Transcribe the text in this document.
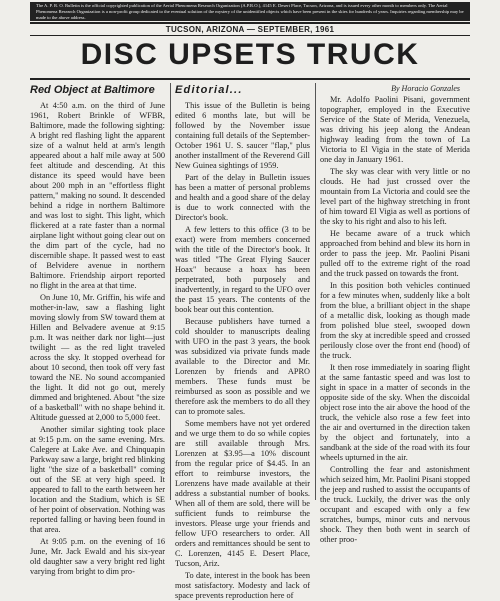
The A. P. R. O. Bulletin is the official copyrighted publication of the Aerial Phenomena Research Organization (A.P.R.O.), 4145 E. Desert Place, Tucson, Arizona, and is issued every other month to members only. The Aerial Phenomena Research Organization is a non-profit group dedicated to the eventual solution of the mystery of the unidentified objects which have been present in the skies for hundreds of years. Inquiries regarding membership may be made to the above address.
TUCSON, ARIZONA — SEPTEMBER, 1961
DISC UPSETS TRUCK
Red Object at Baltimore

At 4:50 a.m. on the third of June 1961, Robert Brinkle of WFBR, Baltimore, made the following sighting: A bright red flashing light the apparent size of a walnut held at arm's length appeared about a half mile away at 500 feet altitude and descending. At this distance its speed would have been about 200 mph in an "effortless flight pattern," making no sound. It descended behind a ridge in northern Baltimore and was lost to sight. This light, which flickered at a rate faster than a normal airplane light without going clear out on the dim part of the cycle, had no discernible shape. It passed west to east of Belvidere avenue in northern Baltimore. Friendship airport reported no flight in the area at that time.

On June 10, Mr. Griffin, his wife and mother-in-law, saw a flashing light moving slowly from SW toward them at Hillen and Belvadere avenue at 9:15 p.m. It was neither dark nor light—just twilight — as the red light traveled across the sky. It stopped overhead for about 10 second, then took off very fast toward the NE. No sound accompanied the light. It did not go out, merely dimmed and brightened. About "the size of a basketball" with no shape behind it. Altitude guessed at 2,000 to 5,000 feet.

Another similar sighting took place at 9:15 p.m. on the same evening. Mrs. Calegere at Lake Ave. and Chinquapin Parkway saw a large, bright red blinking light "the size of a basketball" coming out of the SE at very high speed. It appeared to fall to the earth between her location and the Stadium, which is SE of her point of observation. Nothing was reported falling or having been found in that area.

At 9:05 p.m. on the evening of 16 June, Mr. Jack Ewald and his six-year old daughter saw a very bright red light varying from bright to dim pro-

Editorial...

This issue of the Bulletin is being edited 6 months late, but will be followed by the November issue containing full details of the September-October 1961 U. S. saucer "flap," plus another installment of the Reverend Gill New Guinea sightings of 1959.

Part of the delay in Bulletin issues has been a matter of personal problems and health and a good share of the delay is due to work connected with the Director's book.

A few letters to this office (3 to be exact) were from members concerned with the title of the Director's book. It was titled "The Great Flying Saucer Hoax" because a hoax has been perpetrated, both purposely and inadvertently, in regard to the UFO over the past 15 years. The contents of the book bear out this contention.

Because publishers have turned a cold shoulder to manuscripts dealing with UFO in the past 3 years, the book was subsidized via private funds made available to the Director and Mr. Lorenzen by friends and APRO members. These funds must be reimbursed as soon as possible and we therefore ask the members to do all they can to promote sales.

Some members have not yet ordered and we urge them to do so while copies are still available through Mrs. Lorenzen at $3.95—a 10% discount from the regular price of $4.45. In an effort to reimburse investors, the Lorenzens have made available at their address a substantial number of books. When all of them are sold, there will be sufficient funds to reimburse the investors. Please urge your friends and fellow UFO researchers to order. All orders and remittances should be sent to C. Lorenzen, 4145 E. Desert Place, Tucson, Ariz.

To date, interest in the book has been most satisfactory. Modesty and lack of space prevents reproduction here of

By Horacio Gonzales

Mr. Adolfo Paolini Pisani, government topographer, employed in the Executive Service of the State of Merida, Venezuela, was driving his jeep along the Andean highway leading from the town of La Victoria to El Vigia in the state of Merida one day in January 1961.

The sky was clear with very little or no clouds. He had just crossed over the mountain from La Victoria and could see the level part of the highway stretching in front of him toward El Vigia as well as portions of the sky to his right and also to his left.

He became aware of a truck which approached from behind and blew its horn in order to pass the jeep. Mr. Paolini Pisani pulled off to the extreme right of the road and the truck passed on towards the front.

In this position both vehicles continued for a few minutes when, suddenly like a bolt from the blue, a brilliant object in the shape of a metallic disk, looking as though made from polished blue steel, swooped down from the sky at incredible speed and crossed perilously close over the front end (hood) of the truck.

It then rose immediately in soaring flight at the same fantastic speed and was lost to sight in space in a matter of seconds in the opposite side of the sky. When the discoidal object rose into the air above the hood of the truck, the vehicle also rose a few feet into the air and overturned in the direction taken by the object and fortunately, into a sandbank at the side of the road with its four wheels upturned in the air.

Controlling the fear and astonishment which seized him, Mr. Paolini Pisani stopped the jeep and rushed to assist the occupants of the truck. Luckily, the driver was the only occupant and escaped with only a few scratches, bumps, minor cuts and nervous shock. They then both went in search of other proo-
